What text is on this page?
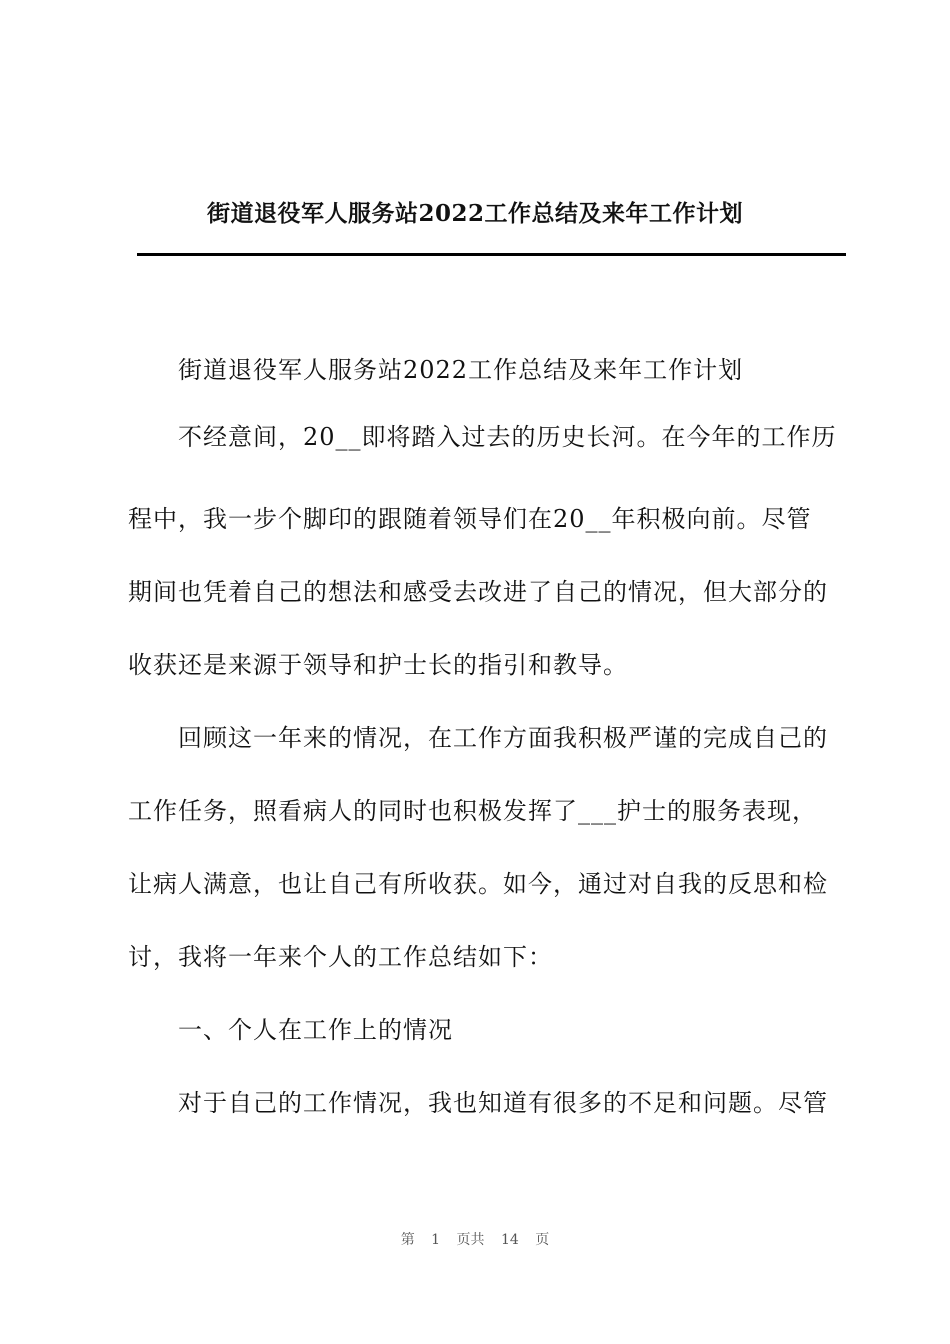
街道退役军人服务站2022工作总结及来年工作计划
街道退役军人服务站2022工作总结及来年工作计划
不经意间，20__即将踏入过去的历史长河。在今年的工作历
程中，我一步个脚印的跟随着领导们在20__年积极向前。尽管
期间也凭着自己的想法和感受去改进了自己的情况，但大部分的
收获还是来源于领导和护士长的指引和教导。
回顾这一年来的情况，在工作方面我积极严谨的完成自己的
工作任务，照看病人的同时也积极发挥了___护士的服务表现，
让病人满意，也让自己有所收获。如今，通过对自我的反思和检
讨，我将一年来个人的工作总结如下：
一、个人在工作上的情况
对于自己的工作情况，我也知道有很多的不足和问题。尽管
第 1 页共 14 页
